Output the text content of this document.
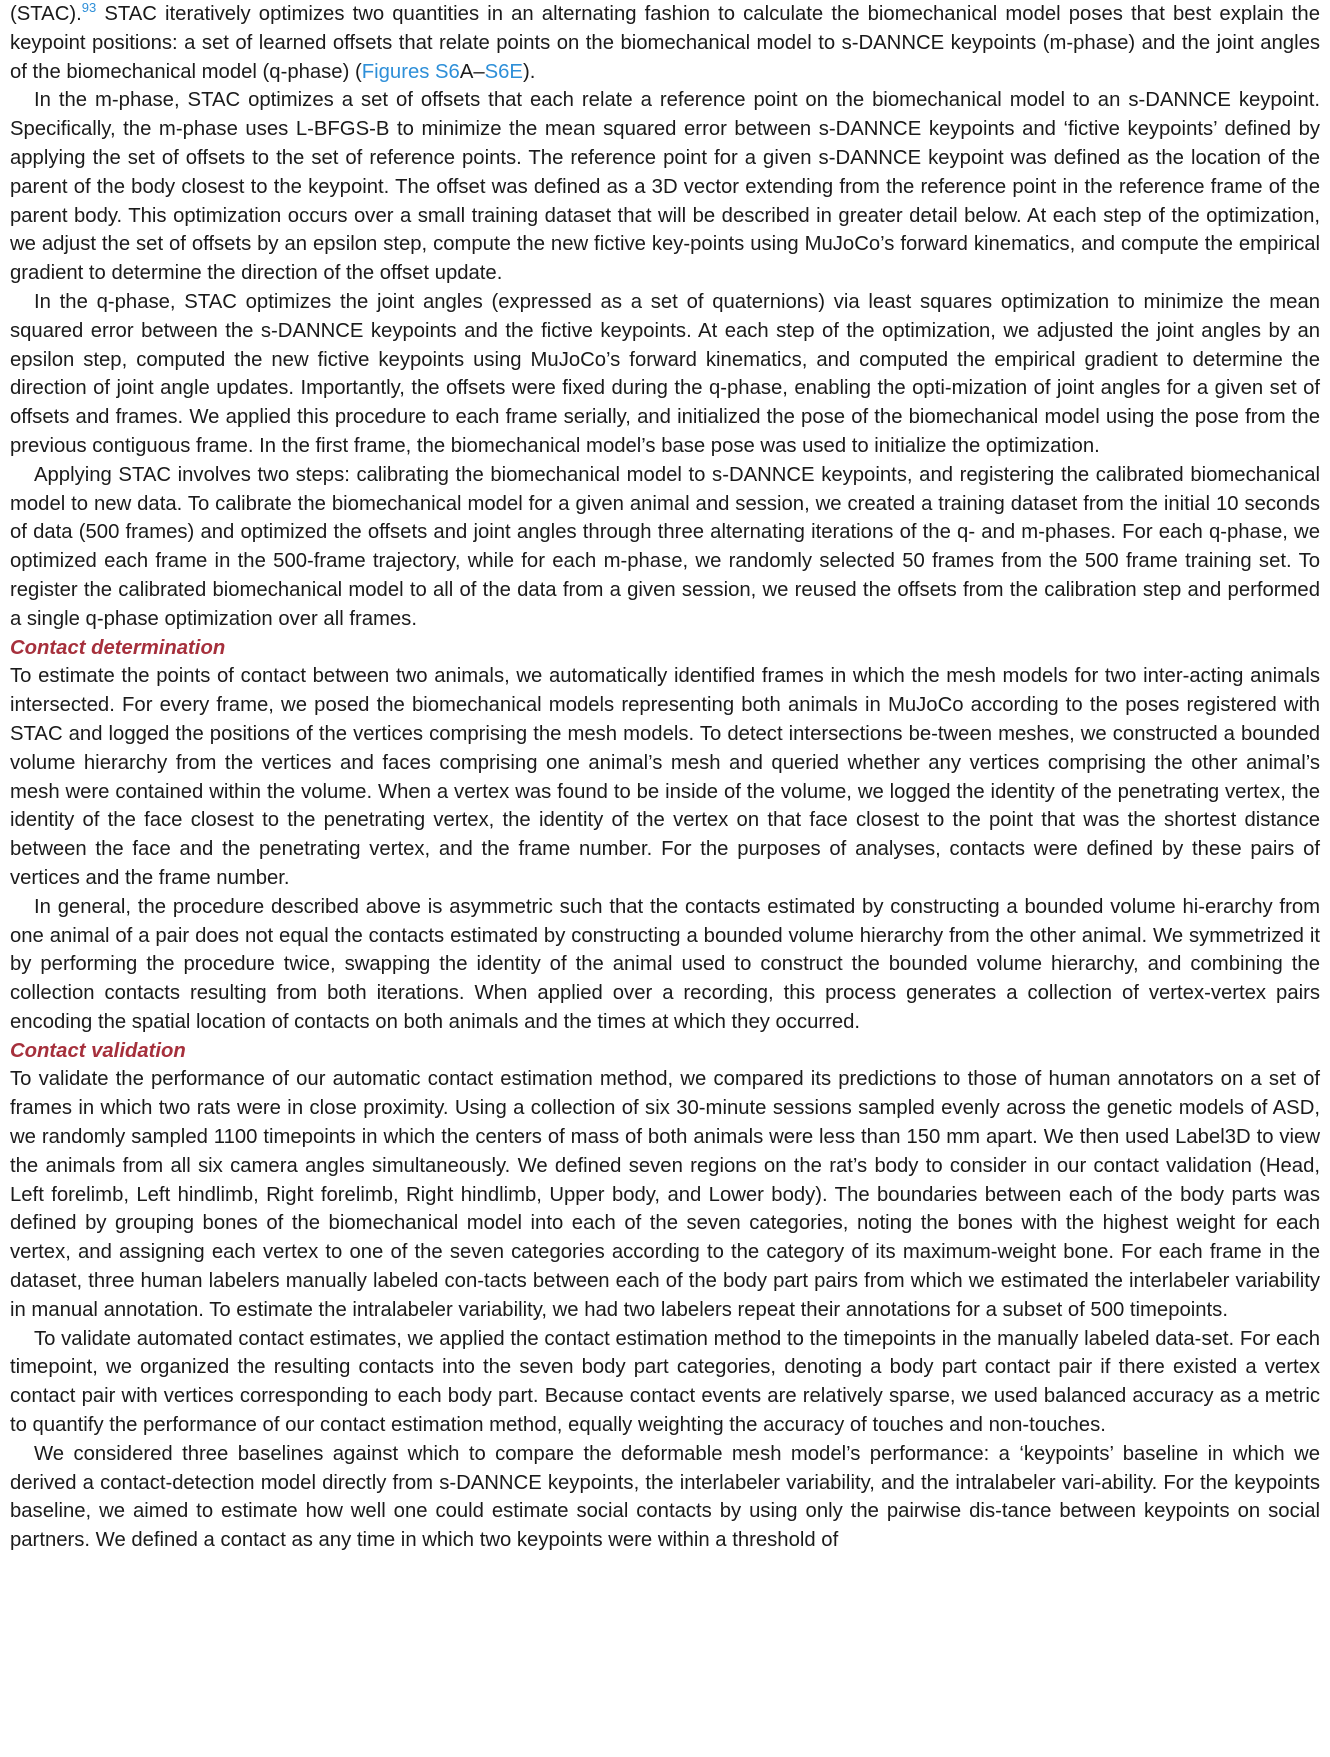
(STAC).$^{93}$ STAC iteratively optimizes two quantities in an alternating fashion to calculate the biomechanical model poses that best explain the keypoint positions: a set of learned offsets that relate points on the biomechanical model to s-DANNCE keypoints (m-phase) and the joint angles of the biomechanical model (q-phase) (Figures S6A–S6E).

In the m-phase, STAC optimizes a set of offsets that each relate a reference point on the biomechanical model to an s-DANNCE keypoint. Specifically, the m-phase uses L-BFGS-B to minimize the mean squared error between s-DANNCE keypoints and ‘fictive keypoints’ defined by applying the set of offsets to the set of reference points. The reference point for a given s-DANNCE keypoint was defined as the location of the parent of the body closest to the keypoint. The offset was defined as a 3D vector extending from the reference point in the reference frame of the parent body. This optimization occurs over a small training dataset that will be described in greater detail below. At each step of the optimization, we adjust the set of offsets by an epsilon step, compute the new fictive key-points using MuJoCo’s forward kinematics, and compute the empirical gradient to determine the direction of the offset update.

In the q-phase, STAC optimizes the joint angles (expressed as a set of quaternions) via least squares optimization to minimize the mean squared error between the s-DANNCE keypoints and the fictive keypoints. At each step of the optimization, we adjusted the joint angles by an epsilon step, computed the new fictive keypoints using MuJoCo’s forward kinematics, and computed the empirical gradient to determine the direction of joint angle updates. Importantly, the offsets were fixed during the q-phase, enabling the opti-mization of joint angles for a given set of offsets and frames. We applied this procedure to each frame serially, and initialized the pose of the biomechanical model using the pose from the previous contiguous frame. In the first frame, the biomechanical model’s base pose was used to initialize the optimization.

Applying STAC involves two steps: calibrating the biomechanical model to s-DANNCE keypoints, and registering the calibrated biomechanical model to new data. To calibrate the biomechanical model for a given animal and session, we created a training dataset from the initial 10 seconds of data (500 frames) and optimized the offsets and joint angles through three alternating iterations of the q- and m-phases. For each q-phase, we optimized each frame in the 500-frame trajectory, while for each m-phase, we randomly selected 50 frames from the 500 frame training set. To register the calibrated biomechanical model to all of the data from a given session, we reused the offsets from the calibration step and performed a single q-phase optimization over all frames.

Contact determination

To estimate the points of contact between two animals, we automatically identified frames in which the mesh models for two inter-acting animals intersected. For every frame, we posed the biomechanical models representing both animals in MuJoCo according to the poses registered with STAC and logged the positions of the vertices comprising the mesh models. To detect intersections be-tween meshes, we constructed a bounded volume hierarchy from the vertices and faces comprising one animal’s mesh and queried whether any vertices comprising the other animal’s mesh were contained within the volume. When a vertex was found to be inside of the volume, we logged the identity of the penetrating vertex, the identity of the face closest to the penetrating vertex, the identity of the vertex on that face closest to the point that was the shortest distance between the face and the penetrating vertex, and the frame number. For the purposes of analyses, contacts were defined by these pairs of vertices and the frame number.

In general, the procedure described above is asymmetric such that the contacts estimated by constructing a bounded volume hi-erarchy from one animal of a pair does not equal the contacts estimated by constructing a bounded volume hierarchy from the other animal. We symmetrized it by performing the procedure twice, swapping the identity of the animal used to construct the bounded volume hierarchy, and combining the collection contacts resulting from both iterations. When applied over a recording, this process generates a collection of vertex-vertex pairs encoding the spatial location of contacts on both animals and the times at which they occurred.

Contact validation

To validate the performance of our automatic contact estimation method, we compared its predictions to those of human annotators on a set of frames in which two rats were in close proximity. Using a collection of six 30-minute sessions sampled evenly across the genetic models of ASD, we randomly sampled 1100 timepoints in which the centers of mass of both animals were less than 150 mm apart. We then used Label3D to view the animals from all six camera angles simultaneously. We defined seven regions on the rat’s body to consider in our contact validation (Head, Left forelimb, Left hindlimb, Right forelimb, Right hindlimb, Upper body, and Lower body). The boundaries between each of the body parts was defined by grouping bones of the biomechanical model into each of the seven categories, noting the bones with the highest weight for each vertex, and assigning each vertex to one of the seven categories according to the category of its maximum-weight bone. For each frame in the dataset, three human labelers manually labeled con-tacts between each of the body part pairs from which we estimated the interlabeler variability in manual annotation. To estimate the intralabeler variability, we had two labelers repeat their annotations for a subset of 500 timepoints.

To validate automated contact estimates, we applied the contact estimation method to the timepoints in the manually labeled data-set. For each timepoint, we organized the resulting contacts into the seven body part categories, denoting a body part contact pair if there existed a vertex contact pair with vertices corresponding to each body part. Because contact events are relatively sparse, we used balanced accuracy as a metric to quantify the performance of our contact estimation method, equally weighting the accuracy of touches and non-touches.

We considered three baselines against which to compare the deformable mesh model’s performance: a ‘keypoints’ baseline in which we derived a contact-detection model directly from s-DANNCE keypoints, the interlabeler variability, and the intralabeler vari-ability. For the keypoints baseline, we aimed to estimate how well one could estimate social contacts by using only the pairwise dis-tance between keypoints on social partners. We defined a contact as any time in which two keypoints were within a threshold of
